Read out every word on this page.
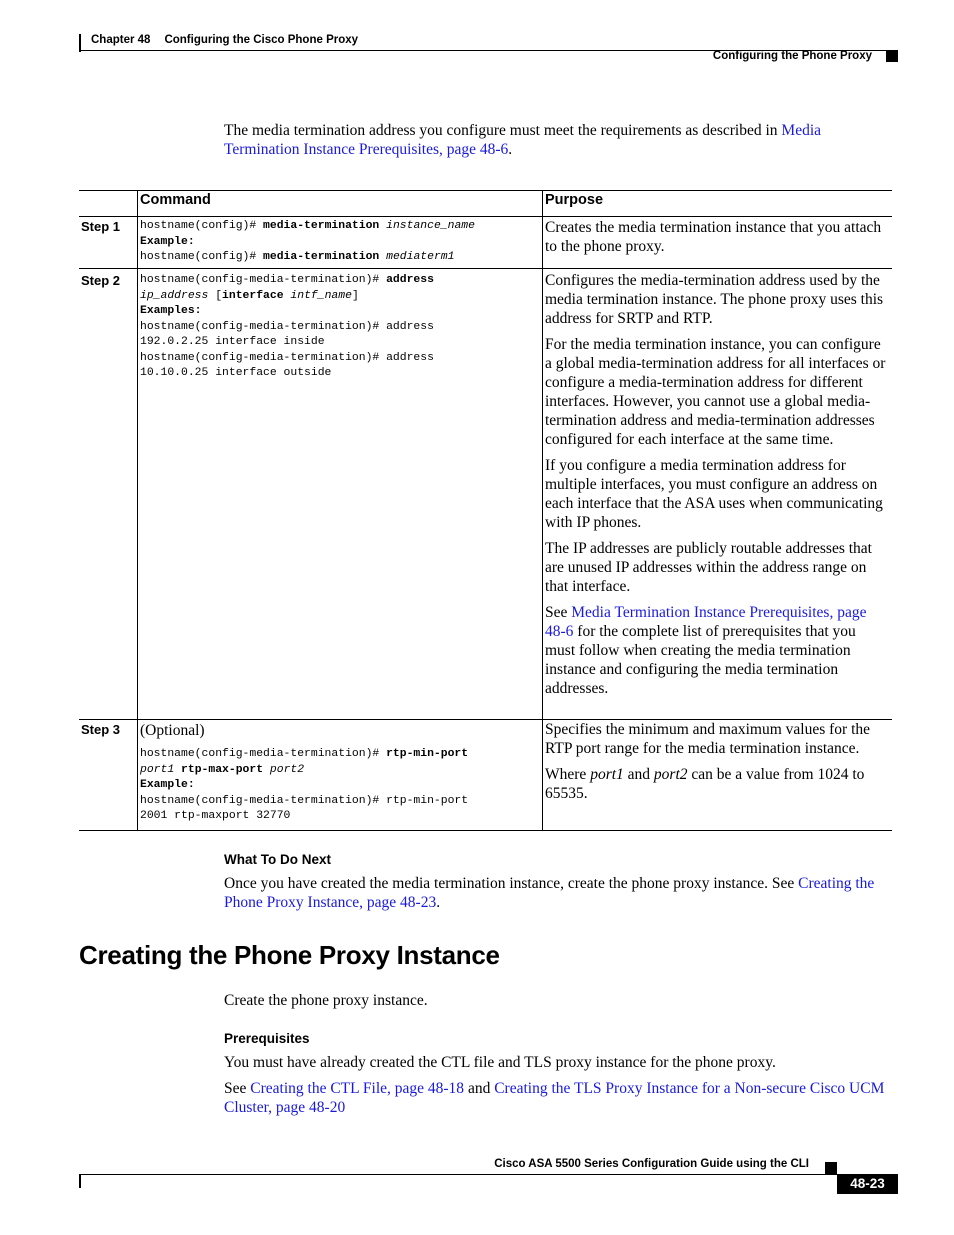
Chapter 48 Configuring the Cisco Phone Proxy
Configuring the Phone Proxy
The media termination address you configure must meet the requirements as described in Media Termination Instance Prerequisites, page 48-6.
Command	Purpose
Step 1 hostname(config)# media-termination instance_name
Example:
hostname(config)# media-termination mediaterm1

Creates the media termination instance that you attach to the phone proxy.

Step 2 hostname(config-media-termination)# address
ip_address [interface intf_name]
Examples:
hostname(config-media-termination)# address
192.0.2.25 interface inside
hostname(config-media-termination)# address
10.10.0.25 interface outside

Configures the media-termination address used by the media termination instance. The phone proxy uses this address for SRTP and RTP.

For the media termination instance, you can configure a global media-termination address for all interfaces or configure a media-termination address for different interfaces. However, you cannot use a global media-termination address and media-termination addresses configured for each interface at the same time.

If you configure a media termination address for multiple interfaces, you must configure an address on each interface that the ASA uses when communicating with IP phones.

The IP addresses are publicly routable addresses that are unused IP addresses within the address range on that interface.

See Media Termination Instance Prerequisites, page 48-6 for the complete list of prerequisites that you must follow when creating the media termination instance and configuring the media termination addresses.

Step 3 (Optional)
hostname(config-media-termination)# rtp-min-port
port1 rtp-max-port port2
Example:
hostname(config-media-termination)# rtp-min-port
2001 rtp-maxport 32770

Specifies the minimum and maximum values for the RTP port range for the media termination instance.

Where port1 and port2 can be a value from 1024 to 65535.

What To Do Next
Once you have created the media termination instance, create the phone proxy instance. See Creating the Phone Proxy Instance, page 48-23.
Creating the Phone Proxy Instance
Create the phone proxy instance.
Prerequisites
You must have already created the CTL file and TLS proxy instance for the phone proxy.
See Creating the CTL File, page 48-18 and Creating the TLS Proxy Instance for a Non-secure Cisco UCM Cluster, page 48-20
Cisco ASA 5500 Series Configuration Guide using the CLI
48-23
